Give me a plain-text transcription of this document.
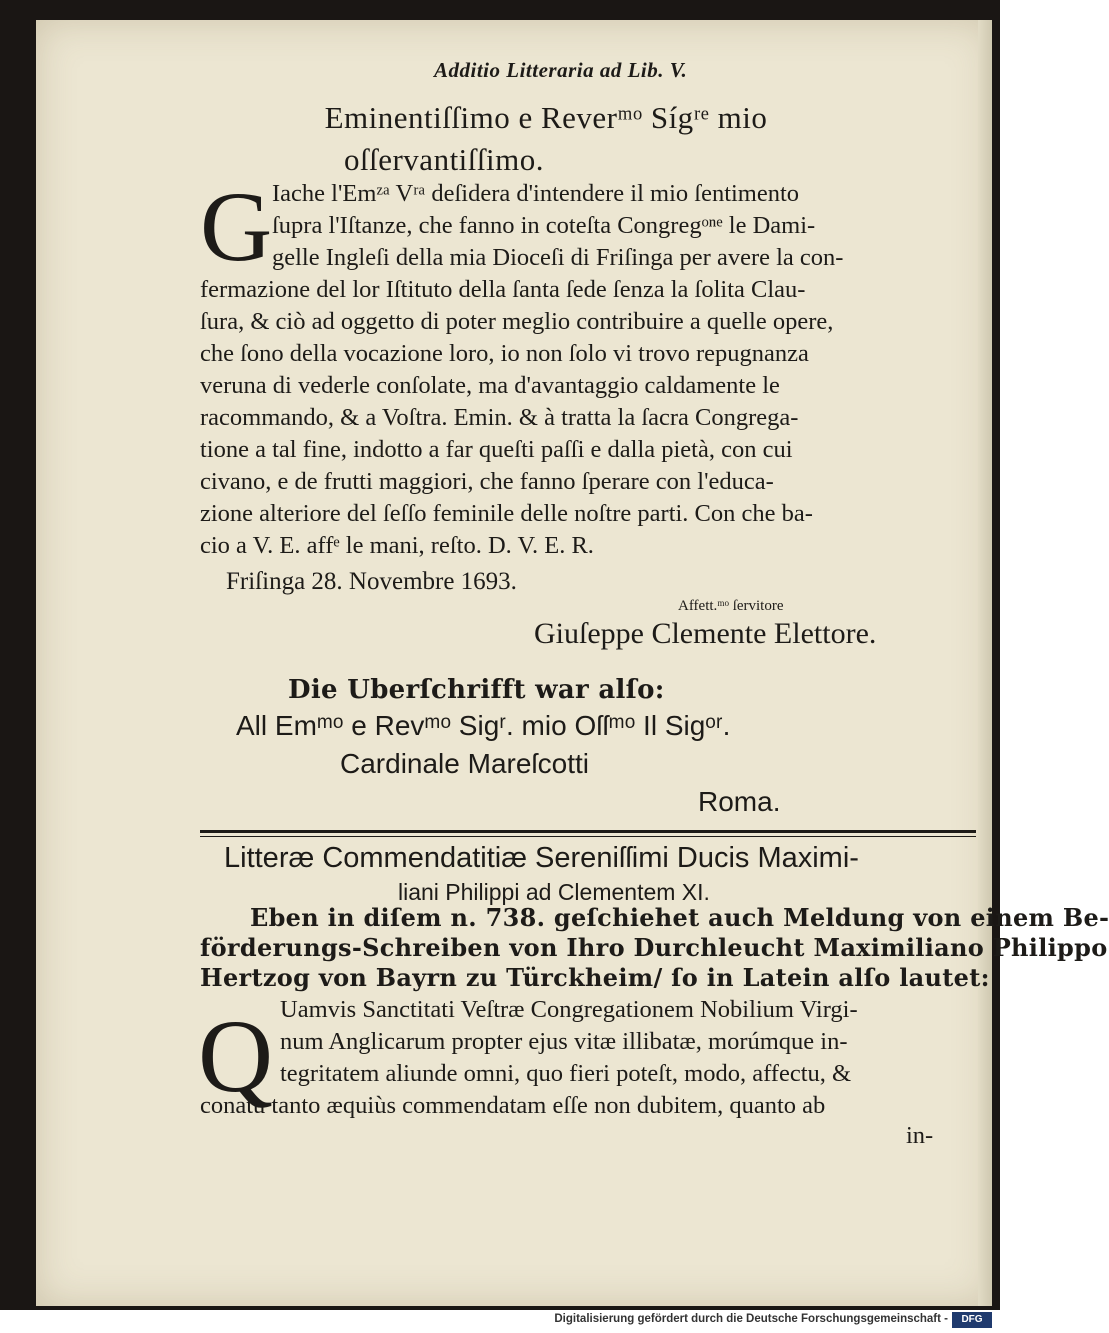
Additio Litteraria ad Lib. V.
Eminentiſſimo e Reverᵐᵒ Sígʳᵉ mio
oſſervantiſſimo.
G Iache l'Emᶻᵃ Vʳᵃ deſidera d'intendere il mio ſentimento
ſupra l'Iſtanze, che fanno in coteſta Congregᵒⁿᵉ le Dami-
gelle Ingleſi della mia Dioceſi di Friſinga per avere la con-
fermazione del lor Iſtituto della ſanta ſede ſenza la ſolita Clau-
ſura, & ciò ad oggetto di poter meglio contribuire a quelle opere,
che ſono della vocazione loro, io non ſolo vi trovo repugnanza
veruna di vederle conſolate, ma d'avantaggio caldamente le
racommando, & a Voſtra. Emin. & à tratta la ſacra Congrega-
tione a tal fine, indotto a far queſti paſſi e dalla pietà, con cui
civano, e de frutti maggiori, che fanno ſperare con l'educa-
zione alteriore del ſeſſo feminile delle noſtre parti. Con che ba-
cio a V. E. affᵉ le mani, reſto. D. V. E. R.
Friſinga 28. Novembre 1693.
Affett.ᵐᵒ ſervitore
Giuſeppe Clemente Elettore.
Die Uberſchrifft war alſo:
All Emᵐᵒ e Revᵐᵒ Sigʳ. mio Oſſᵐᵒ Il Sigᵒʳ.
Cardinale Mareſcotti
Roma.
Litteræ Commendatitiæ Sereniſſimi Ducis Maximi-
liani Philippi ad Clementem XI.
Eben in diſem n. 738. geſchiehet auch Meldung von einem Be-
förderungs-Schreiben von Ihro Durchleucht Maximiliano Philippo
Hertzog von Bayrn zu Türckheim/ ſo in Latein alſo lautet:
Q Uamvis Sanctitati Veſtræ Congregationem Nobilium Virgi-
num Anglicarum propter ejus vitæ illibatæ, morúmque in-
tegritatem aliunde omni, quo fieri poteſt, modo, affectu, &
conatu tanto æquiùs commendatam eſſe non dubitem, quanto ab
in-
Digitalisierung gefördert durch die Deutsche Forschungsgemeinschaft -	DFG
